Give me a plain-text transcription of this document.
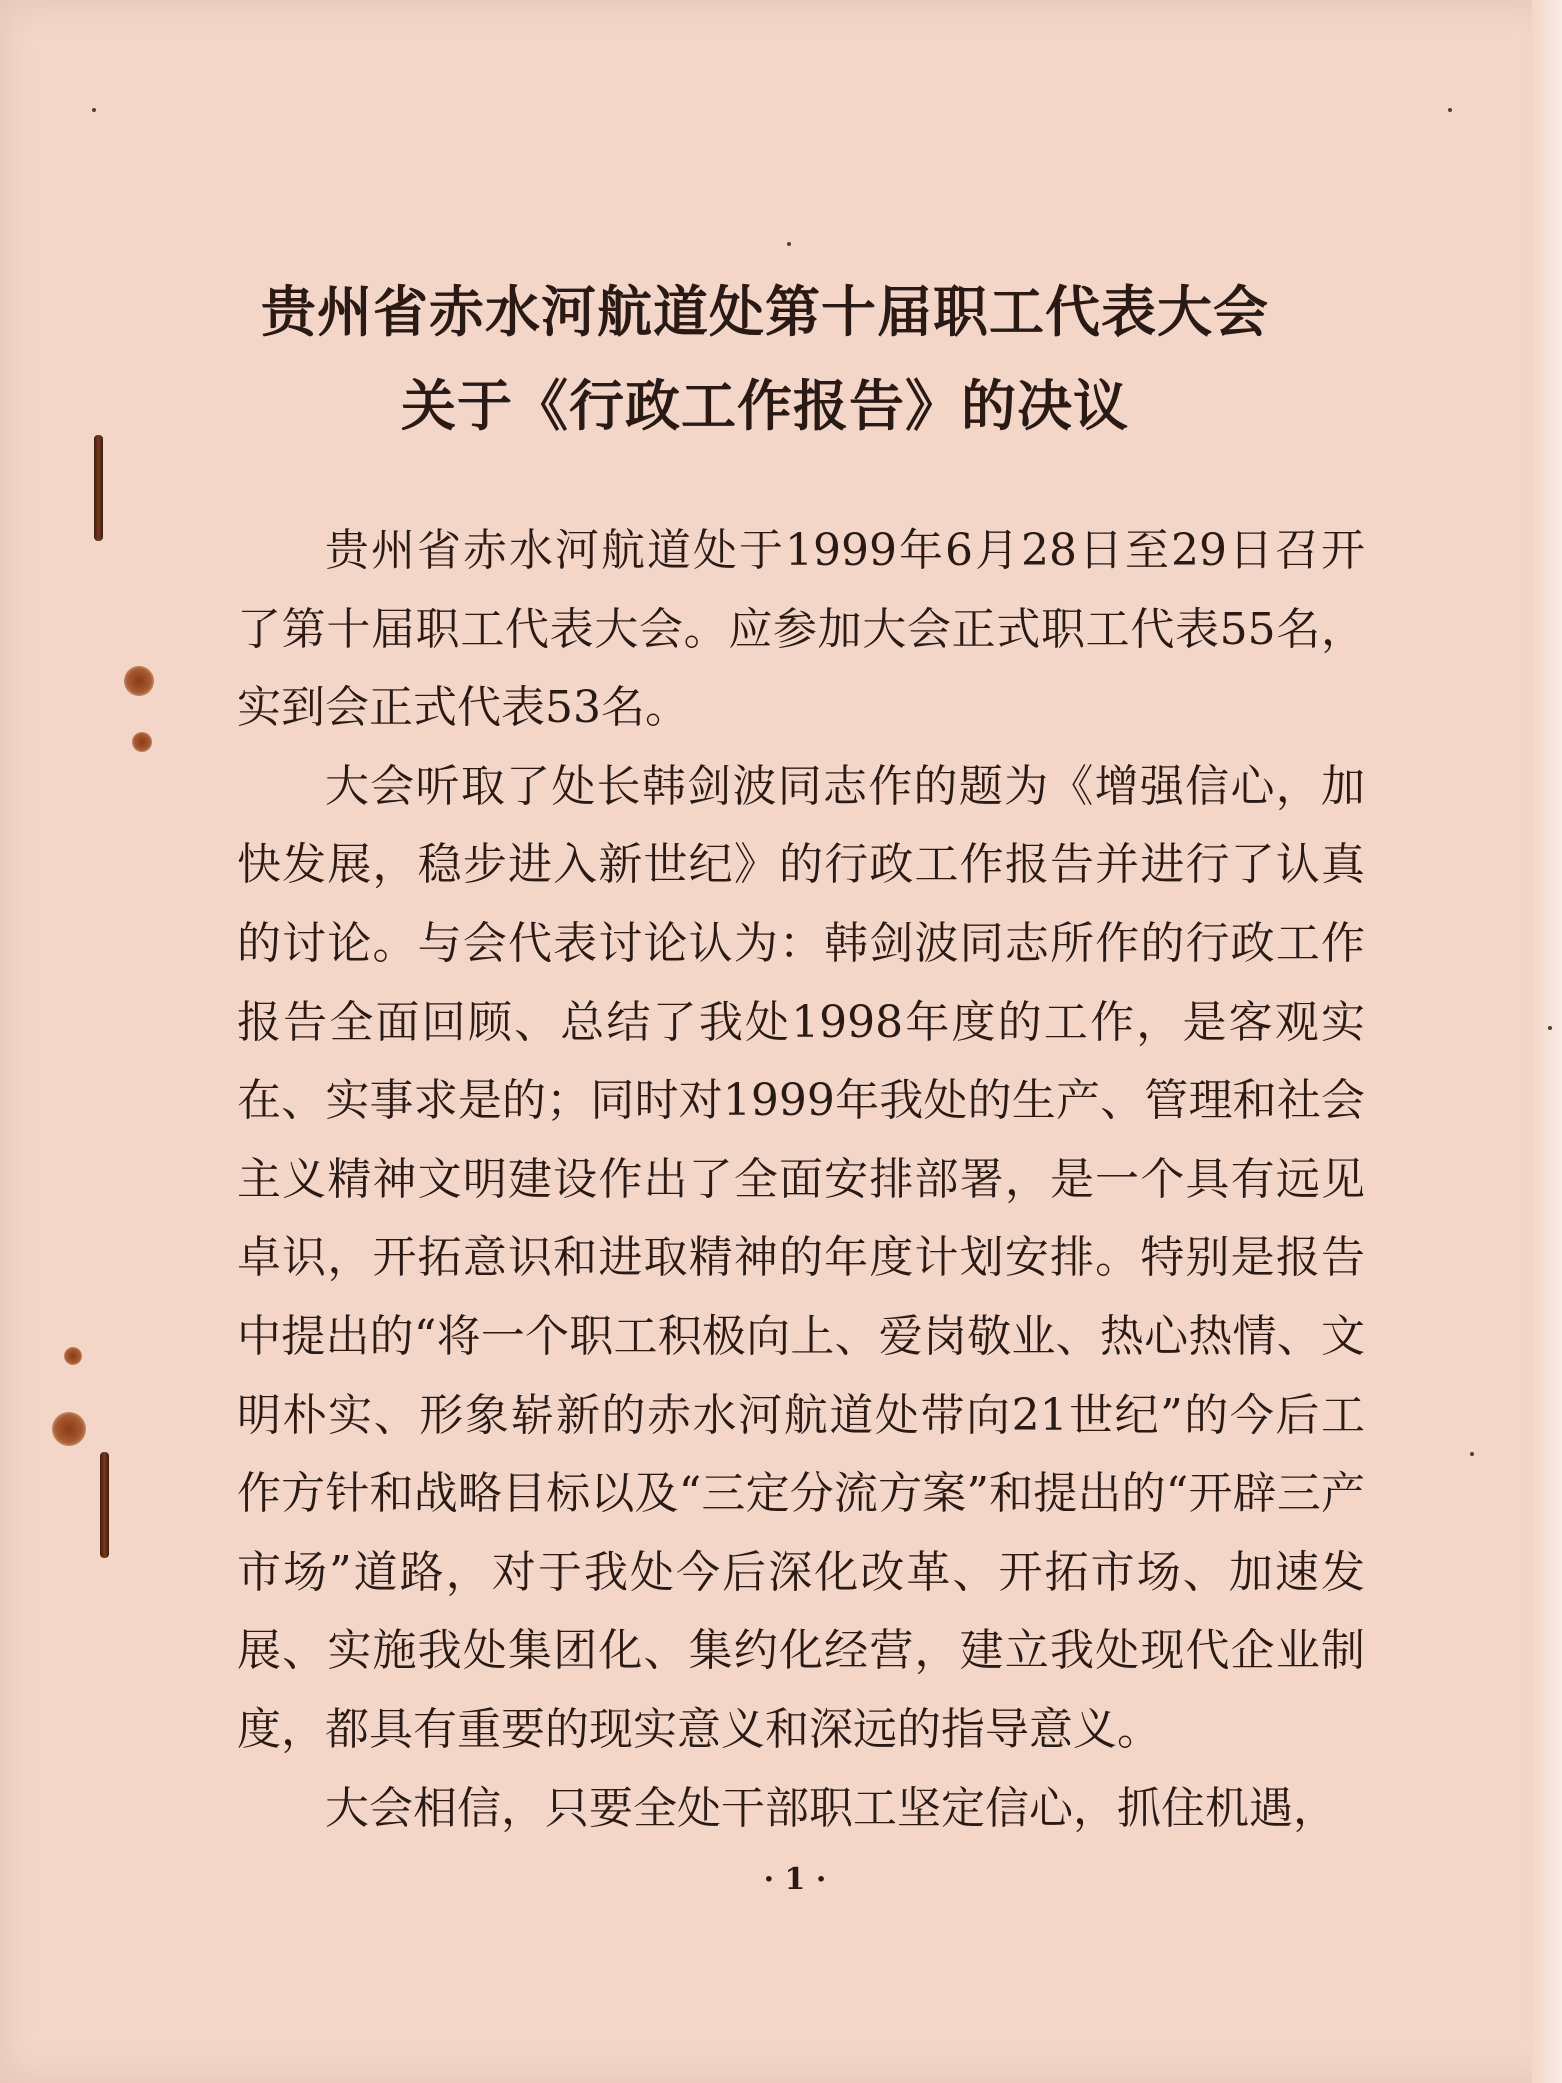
贵州省赤水河航道处第十届职工代表大会
关于《行政工作报告》的决议

贵州省赤水河航道处于1999年6月28日至29日召开了第十届职工代表大会。应参加大会正式职工代表55名，实到会正式代表53名。
大会听取了处长韩剑波同志作的题为《增强信心，加快发展，稳步进入新世纪》的行政工作报告并进行了认真的讨论。与会代表讨论认为：韩剑波同志所作的行政工作报告全面回顾、总结了我处1998年度的工作，是客观实在、实事求是的；同时对1999年我处的生产、管理和社会主义精神文明建设作出了全面安排部署，是一个具有远见卓识，开拓意识和进取精神的年度计划安排。特别是报告中提出的“将一个职工积极向上、爱岗敬业、热心热情、文明朴实、形象崭新的赤水河航道处带向21世纪”的今后工作方针和战略目标以及“三定分流方案”和提出的“开辟三产市场”道路，对于我处今后深化改革、开拓市场、加速发展、实施我处集团化、集约化经营，建立我处现代企业制度，都具有重要的现实意义和深远的指导意义。
大会相信，只要全处干部职工坚定信心，抓住机遇，

· 1 ·
